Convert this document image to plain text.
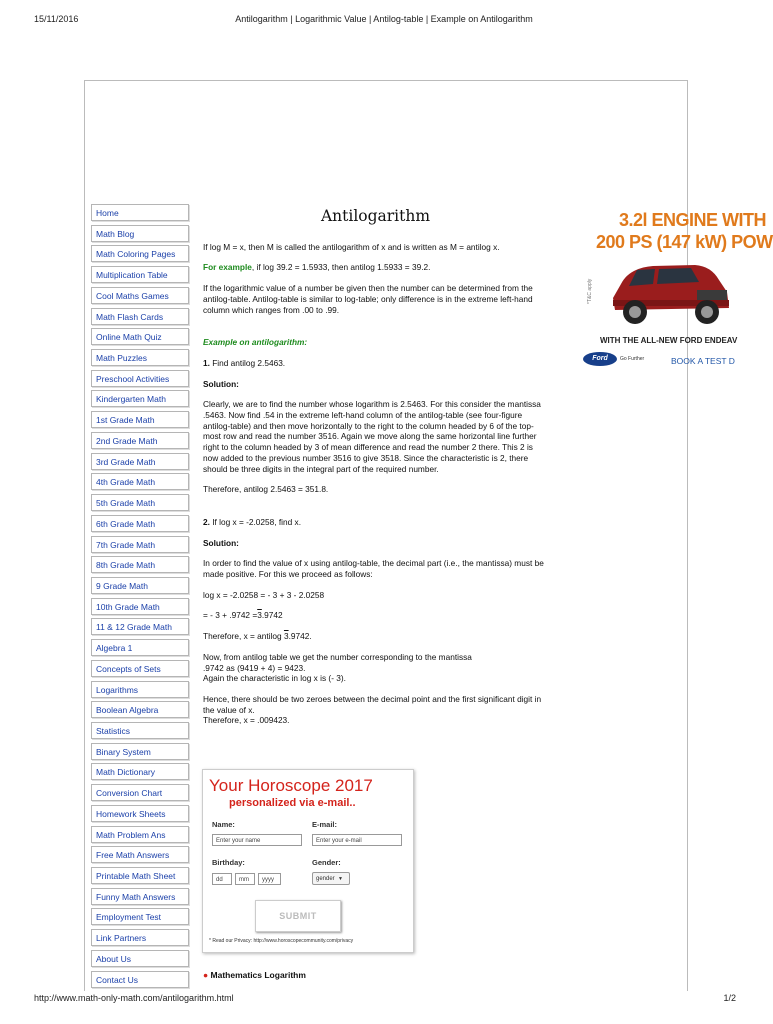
15/11/2016	Antilogarithm | Logarithmic Value | Antilog-table | Example on Antilogarithm
Home
Math Blog
Math Coloring Pages
Multiplication Table
Cool Maths Games
Math Flash Cards
Online Math Quiz
Math Puzzles
Preschool Activities
Kindergarten Math
1st Grade Math
2nd Grade Math
3rd Grade Math
4th Grade Math
5th Grade Math
6th Grade Math
7th Grade Math
8th Grade Math
9 Grade Math
10th Grade Math
11 & 12 Grade Math
Algebra 1
Concepts of Sets
Logarithms
Boolean Algebra
Statistics
Binary System
Math Dictionary
Conversion Chart
Homework Sheets
Math Problem Ans
Free Math Answers
Printable Math Sheet
Funny Math Answers
Employment Test
Link Partners
About Us
Contact Us
Antilogarithm

If log M = x, then M is called the antilogarithm of x and is written as M = antilog x.

For example, if log 39.2 = 1.5933, then antilog 1.5933 = 39.2.

If the logarithmic value of a number be given then the number can be determined from the antilog-table. Antilog-table is similar to log-table; only difference is in the extreme left-hand column which ranges from .00 to .99.

Example on antilogarithm:

1. Find antilog 2.5463.

Solution:

Clearly, we are to find the number whose logarithm is 2.5463. For this consider the mantissa .5463. Now find .54 in the extreme left-hand column of the antilog-table (see four-figure antilog-table) and then move horizontally to the right to the column headed by 6 of the top-most row and read the number 3516. Again we move along the same horizontal line further right to the column headed by 3 of mean difference and read the number 2 there. This 2 is now added to the previous number 3516 to give 3518. Since the characteristic is 2, there should be three digits in the integral part of the required number.

Therefore, antilog 2.5463 = 351.8.

2. If log x = -2.0258, find x.

Solution:

In order to find the value of x using antilog-table, the decimal part (i.e., the mantissa) must be made positive. For this we proceed as follows:

log x = -2.0258 = - 3 + 3 - 2.0258

= - 3 + .9742 =3.9742

Therefore, x = antilog 3.9742.

Now, from antilog table we get the number corresponding to the mantissa
.9742 as (9419 + 4) = 9423.
Again the characteristic in log x is (- 3).

Hence, there should be two zeroes between the decimal point and the first significant digit in the value of x.
Therefore, x = .009423.

3.2l ENGINE WITH
200 PS (147 kW) POW
*T&C apply
WITH THE ALL-NEW FORD ENDEAV
Ford	Go Further	BOOK A TEST D
Your Horoscope 2017
personalized via e-mail..
Name:
Enter your name
E-mail:
Enter your e-mail
Birthday:
dd	mm	yyyy
Gender:
gender ▼
SUBMIT
* Read our Privacy: http://www.horoscopecommunity.com/privacy
● Mathematics Logarithm
http://www.math-only-math.com/antilogarithm.html	1/2
